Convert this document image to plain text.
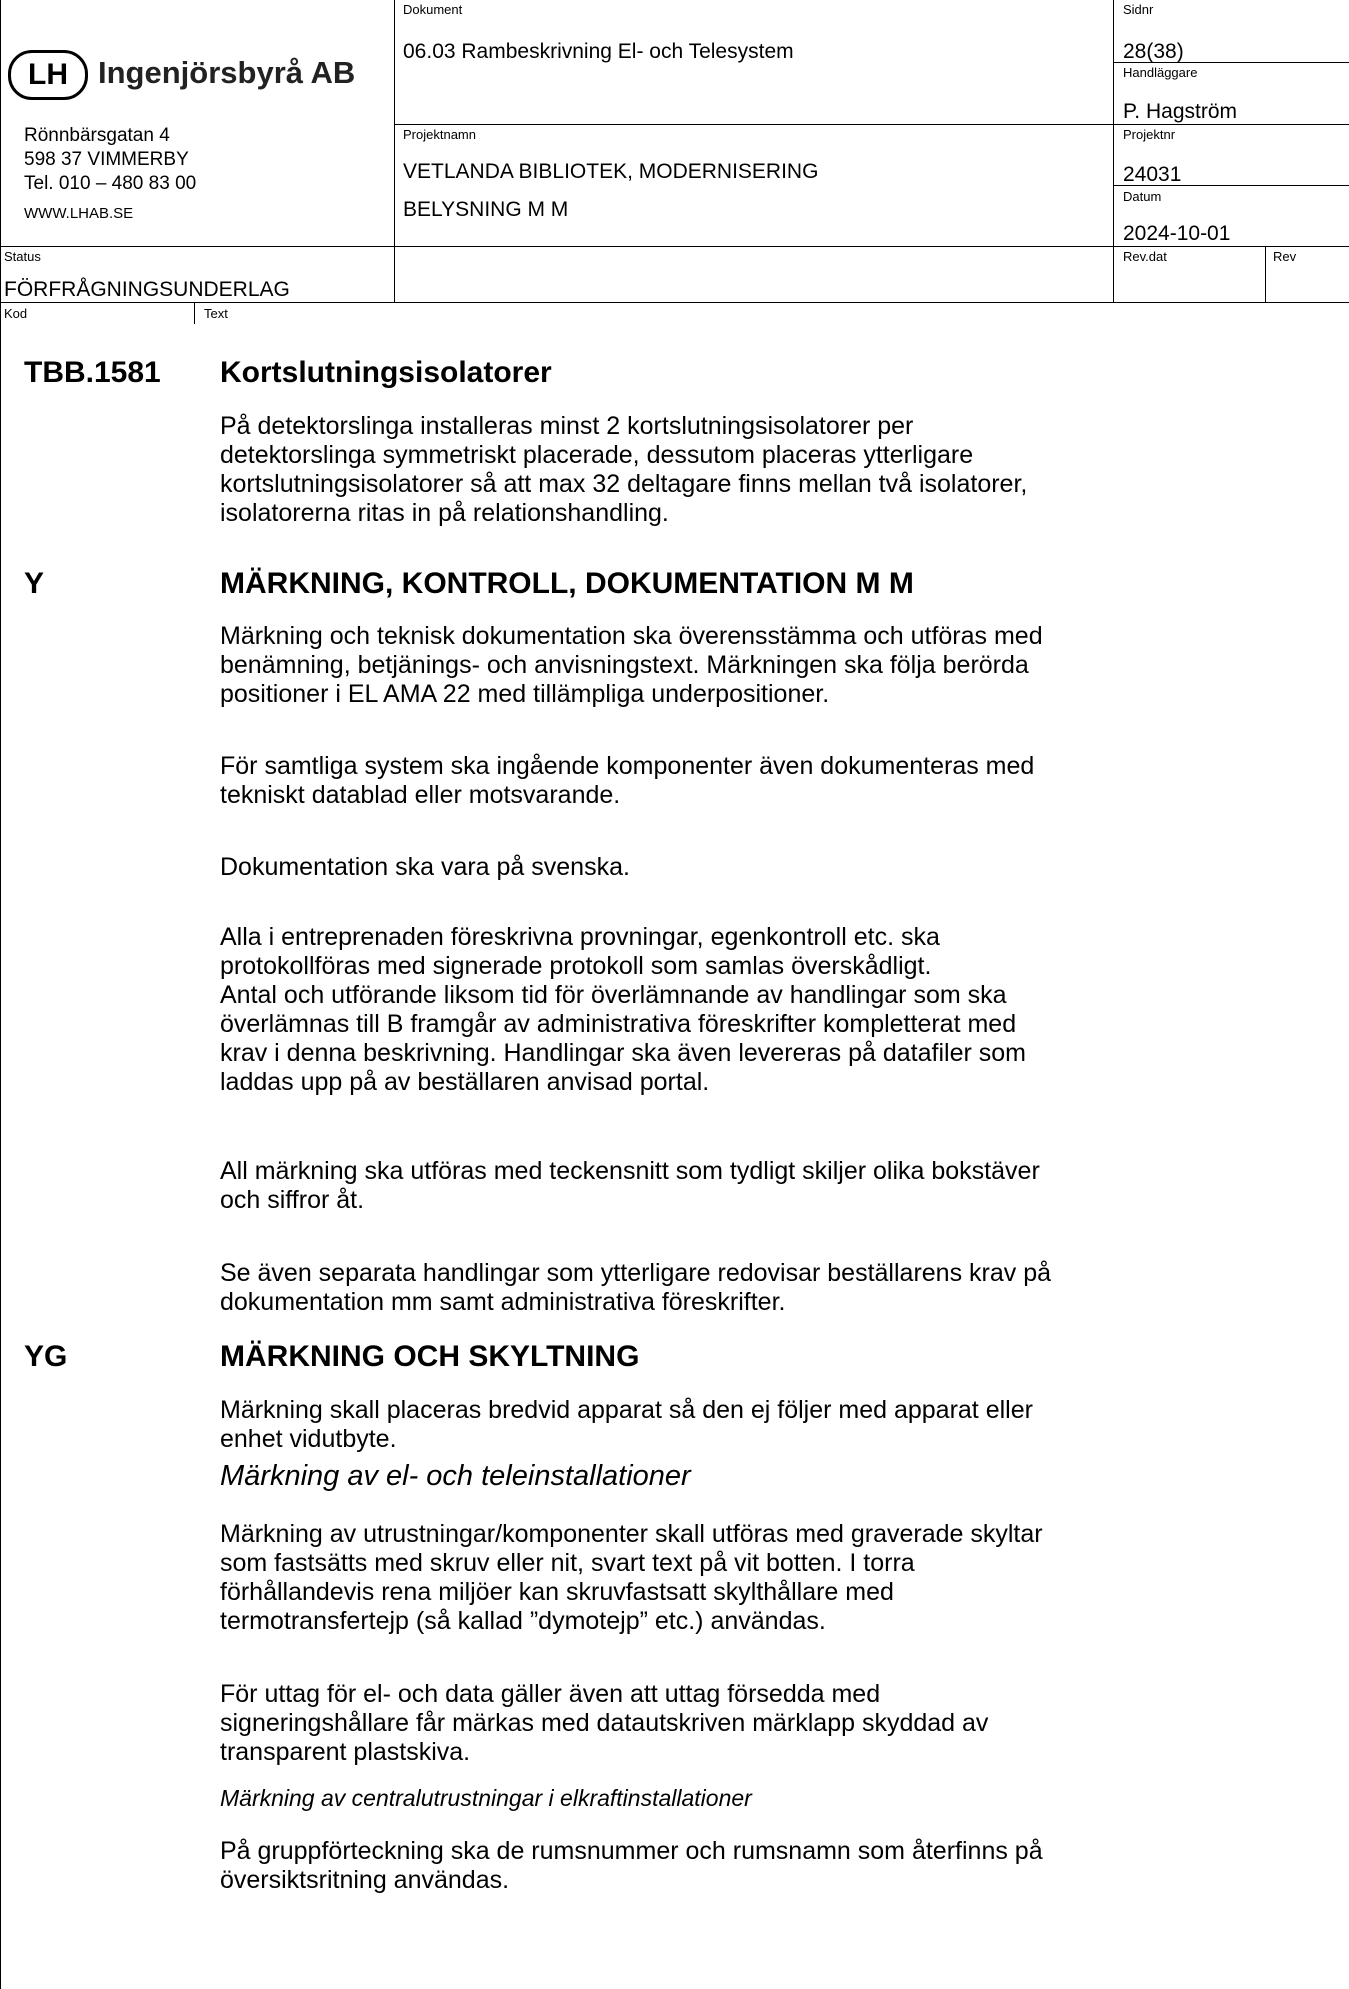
LH Ingenjörsbyrå AB
Rönnbärsgatan 4
598 37 VIMMERBY
Tel. 010 – 480 83 00
WWW.LHAB.SE
Dokument
06.03 Rambeskrivning El- och Telesystem
Sidnr
28(38)
Handläggare
P. Hagström
Projektnamn
VETLANDA BIBLIOTEK, MODERNISERING
BELYSNING M M
Projektnr
24031
Datum
2024-10-01
Status
FÖRFRÅGNINGSUNDERLAG
Rev.dat	Rev
Kod	Text
TBB.1581 Kortslutningsisolatorer

På detektorslinga installeras minst 2 kortslutningsisolatorer per
detektorslinga symmetriskt placerade, dessutom placeras ytterligare
kortslutningsisolatorer så att max 32 deltagare finns mellan två isolatorer,
isolatorerna ritas in på relationshandling.

Y	MÄRKNING, KONTROLL, DOKUMENTATION M M

Märkning och teknisk dokumentation ska överensstämma och utföras med
benämning, betjänings- och anvisningstext. Märkningen ska följa berörda
positioner i EL AMA 22 med tillämpliga underpositioner.

För samtliga system ska ingående komponenter även dokumenteras med
tekniskt datablad eller motsvarande.

Dokumentation ska vara på svenska.

Alla i entreprenaden föreskrivna provningar, egenkontroll etc. ska
protokollföras med signerade protokoll som samlas överskådligt.
Antal och utförande liksom tid för överlämnande av handlingar som ska
överlämnas till B framgår av administrativa föreskrifter kompletterat med
krav i denna beskrivning. Handlingar ska även levereras på datafiler som
laddas upp på av beställaren anvisad portal.

All märkning ska utföras med teckensnitt som tydligt skiljer olika bokstäver
och siffror åt.

Se även separata handlingar som ytterligare redovisar beställarens krav på
dokumentation mm samt administrativa föreskrifter.

YG	MÄRKNING OCH SKYLTNING

Märkning skall placeras bredvid apparat så den ej följer med apparat eller
enhet vidutbyte.

Märkning av el- och teleinstallationer

Märkning av utrustningar/komponenter skall utföras med graverade skyltar
som fastsätts med skruv eller nit, svart text på vit botten. I torra
förhållandevis rena miljöer kan skruvfastsatt skylthållare med
termotransfertejp (så kallad ”dymotejp” etc.) användas.

För uttag för el- och data gäller även att uttag försedda med
signeringshållare får märkas med datautskriven märklapp skyddad av
transparent plastskiva.

Märkning av centralutrustningar i elkraftinstallationer

På gruppförteckning ska de rumsnummer och rumsnamn som återfinns på
översiktsritning användas.
